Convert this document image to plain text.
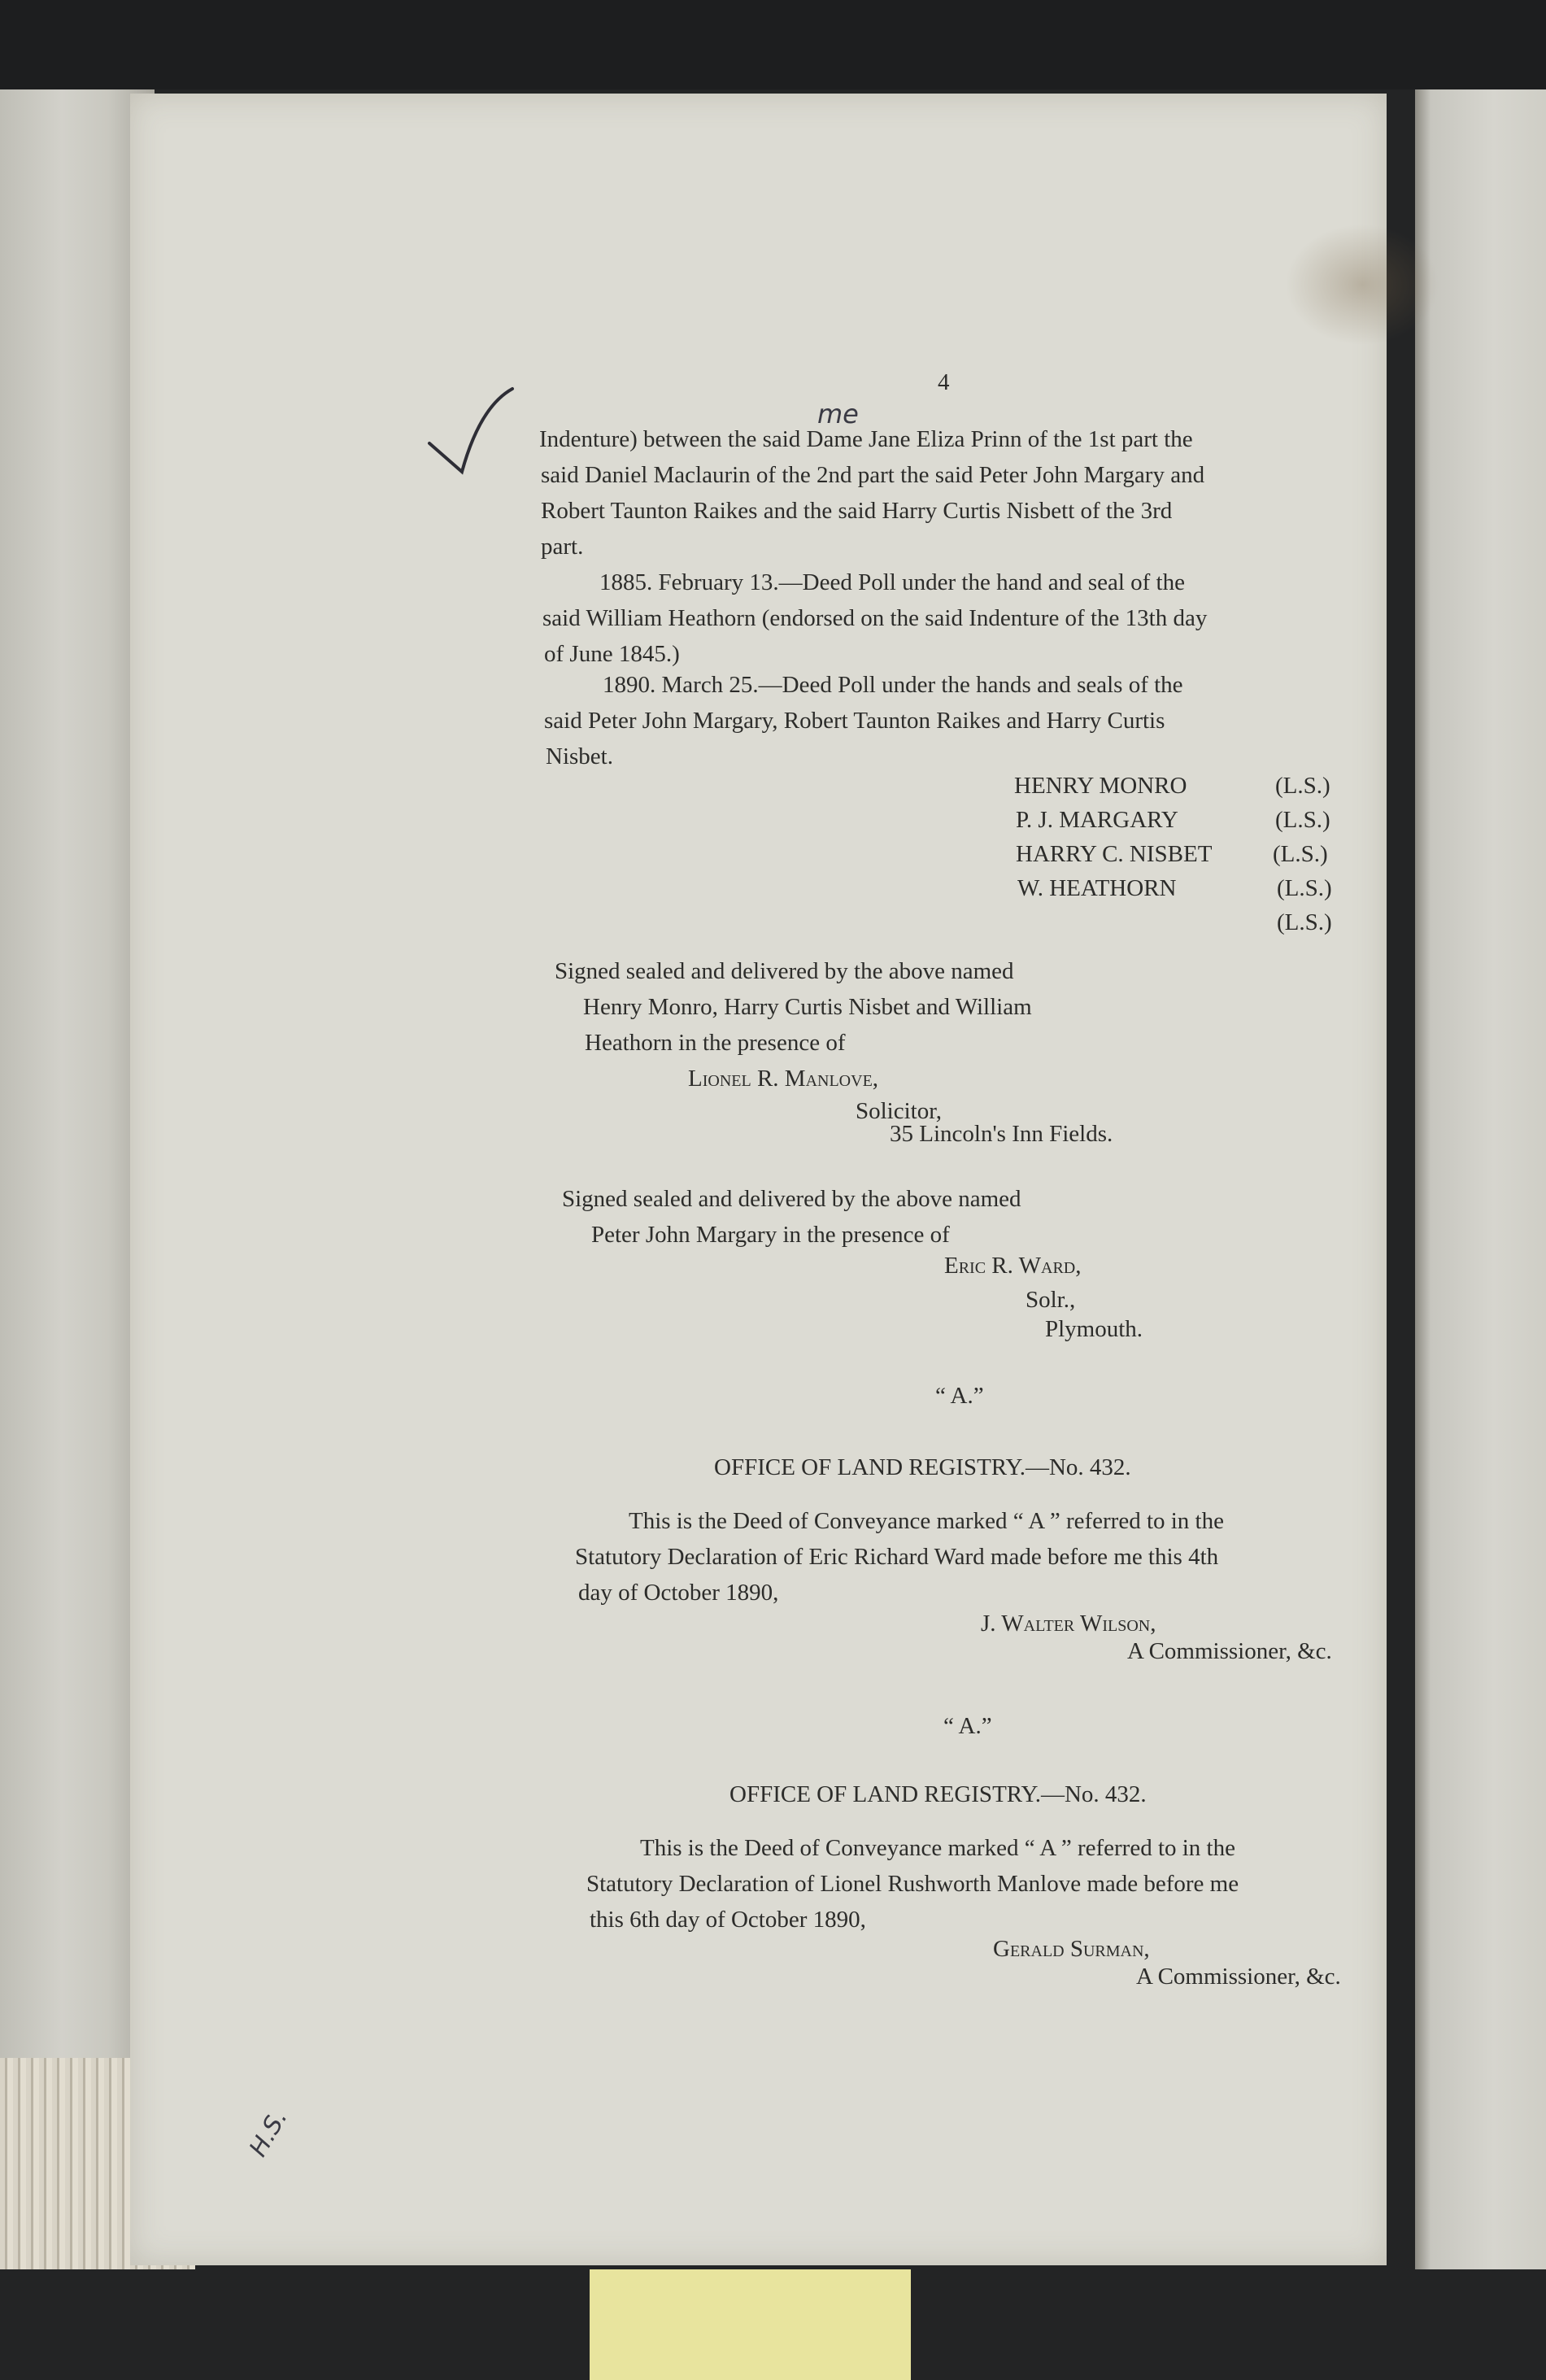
4
me
Indenture) between the said Dame Jane Eliza Prinn of the 1st part the
said Daniel Maclaurin of the 2nd part the said Peter John Margary and
Robert Taunton Raikes and the said Harry Curtis Nisbett of the 3rd
part.
1885. February 13.—Deed Poll under the hand and seal of the
said William Heathorn (endorsed on the said Indenture of the 13th day
of June 1845.)
1890. March 25.—Deed Poll under the hands and seals of the
said Peter John Margary, Robert Taunton Raikes and Harry Curtis
Nisbet.
HENRY MONRO	(L.S.)
P. J. MARGARY	(L.S.)
HARRY C. NISBET	(L.S.)
W. HEATHORN	(L.S.)
(L.S.)
Signed sealed and delivered by the above named
Henry Monro, Harry Curtis Nisbet and William
Heathorn in the presence of
Lionel R. Manlove,
Solicitor,
35 Lincoln's Inn Fields.
Signed sealed and delivered by the above named
Peter John Margary in the presence of
Eric R. Ward,
Solr.,
Plymouth.
“ A.”
OFFICE OF LAND REGISTRY.—No. 432.
This is the Deed of Conveyance marked “ A ” referred to in the
Statutory Declaration of Eric Richard Ward made before me this 4th
day of October 1890,
J. Walter Wilson,
A Commissioner, &c.
“ A.”
OFFICE OF LAND REGISTRY.—No. 432.
This is the Deed of Conveyance marked “ A ” referred to in the
Statutory Declaration of Lionel Rushworth Manlove made before me
this 6th day of October 1890,
Gerald Surman,
A Commissioner, &c.
H.S.
